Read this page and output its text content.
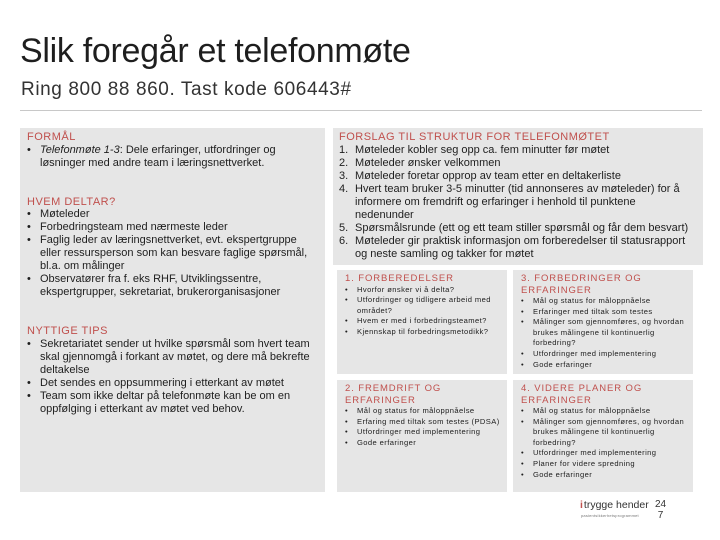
Slik foregår et telefonmøte
Ring 800 88 860. Tast kode 606443#
FORMÅL
• Telefonmøte 1-3: Dele erfaringer, utfordringer og løsninger med andre team i læringsnettverket.
HVEM DELTAR?
• Møteleder
• Forbedringsteam med nærmeste leder
• Faglig leder av læringsnettverket, evt. ekspertgruppe eller ressursperson som kan besvare faglige spørsmål, bl.a. om målinger
• Observatører fra f. eks RHF, Utviklingssentre, ekspertgrupper, sekretariat, brukerorganisasjoner
NYTTIGE TIPS
• Sekretariatet sender ut hvilke spørsmål som hvert team skal gjennomgå i forkant av møtet, og dere må bekrefte deltakelse
• Det sendes en oppsummering i etterkant av møtet
• Team som ikke deltar på telefonmøte kan be om en oppfølging i etterkant av møtet ved behov.
FORSLAG TIL STRUKTUR FOR TELEFONMØTET
1. Møteleder kobler seg opp ca. fem minutter før møtet
2. Møteleder ønsker velkommen
3. Møteleder foretar opprop av team etter en deltakerliste
4. Hvert team bruker 3-5 minutter (tid annonseres av møteleder) for å informere om fremdrift og erfaringer i henhold til punktene nedenunder
5. Spørsmålsrunde (ett og ett team stiller spørsmål og får dem besvart)
6. Møteleder gir praktisk informasjon om forberedelser til statusrapport og neste samling og takker for møtet
1. FORBEREDELSER
• Hvorfor ønsker vi å delta?
• Utfordringer og tidligere arbeid med området?
• Hvem er med i forbedringsteamet?
• Kjennskap til forbedringsmetodikk?
3. FORBEDRINGER OG ERFARINGER
• Mål og status for måloppnåelse
• Erfaringer med tiltak som testes
• Målinger som gjennomføres, og hvordan brukes målingene til kontinuerlig forbedring?
• Utfordringer med implementering
• Gode erfaringer
2. FREMDRIFT OG ERFARINGER
• Mål og status for måloppnåelse
• Erfaring med tiltak som testes (PDSA)
• Utfordringer med implementering
• Gode erfaringer
4. VIDERE PLANER OG ERFARINGER
• Mål og status for måloppnåelse
• Målinger som gjennomføres, og hvordan brukes målingene til kontinuerlig forbedring?
• Utfordringer med implementering
• Planer for videre spredning
• Gode erfaringer
itrygge hender
pasientsikkerhetsprogrammet
24
7
